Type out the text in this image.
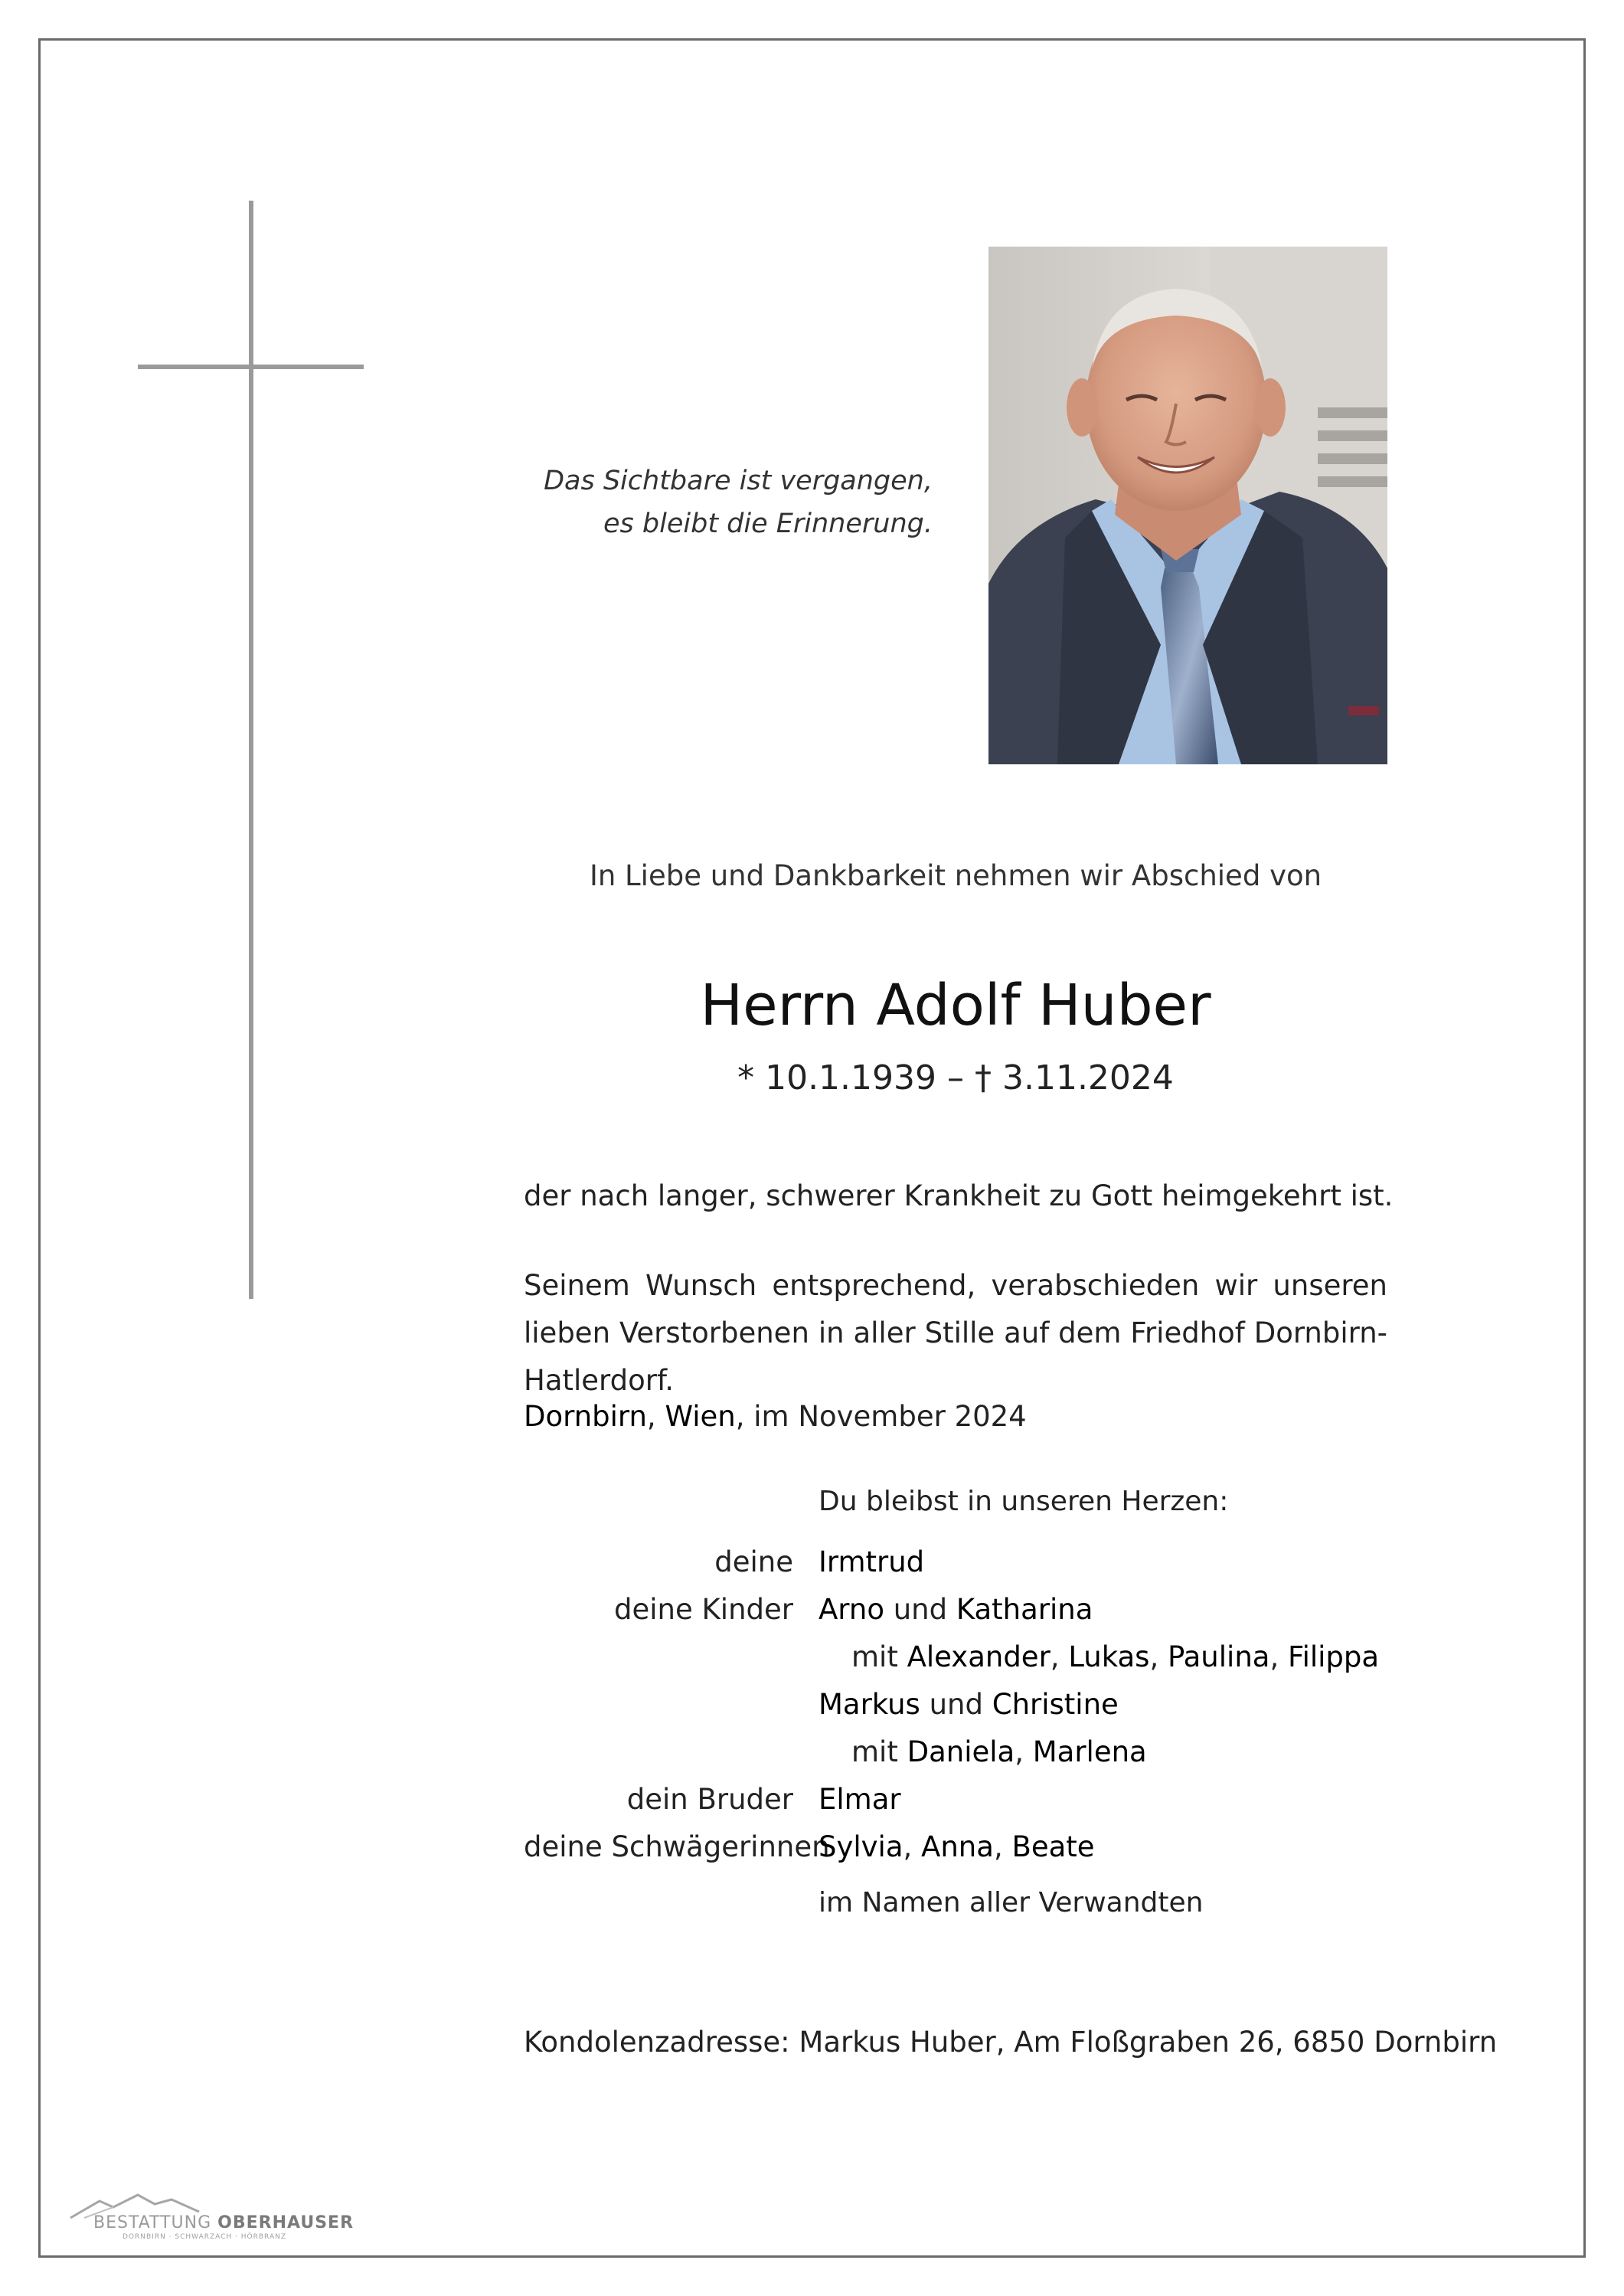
Das Sichtbare ist vergangen,
es bleibt die Erinnerung.
In Liebe und Dankbarkeit nehmen wir Abschied von
Herrn Adolf Huber
* 10.1.1939 – † 3.11.2024
der nach langer, schwerer Krankheit zu Gott heimgekehrt ist.
Seinem Wunsch entsprechend, verabschieden wir unseren lieben Verstorbenen in aller Stille auf dem Friedhof Dornbirn-Hatlerdorf.
Dornbirn, Wien, im November 2024
Du bleibst in unseren Herzen:
deine Irmtrud
deine Kinder Arno und Katharina
mit Alexander, Lukas, Paulina, Filippa
Markus und Christine
mit Daniela, Marlena
dein Bruder Elmar
deine Schwägerinnen
Sylvia, Anna, Beate
im Namen aller Verwandten
Kondolenzadresse: Markus Huber, Am Floßgraben 26, 6850 Dornbirn
BESTATTUNG OBERHAUSER
DORNBIRN · SCHWARZACH · HÖRBRANZ
